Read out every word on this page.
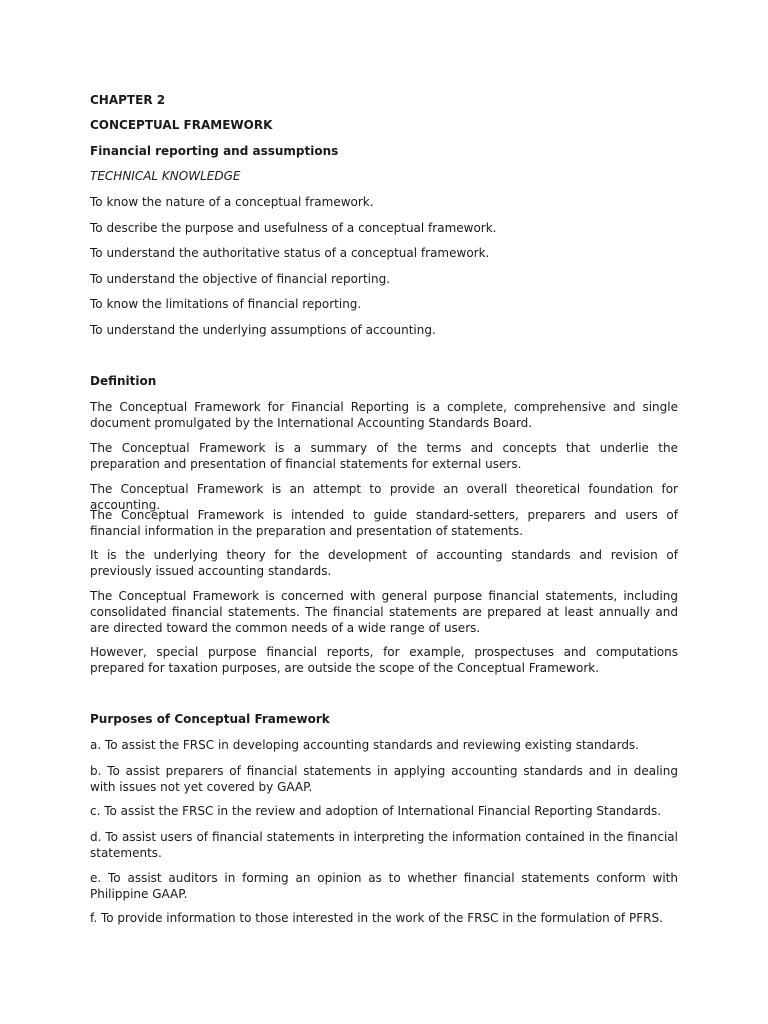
CHAPTER 2
CONCEPTUAL FRAMEWORK
Financial reporting and assumptions
TECHNICAL KNOWLEDGE
To know the nature of a conceptual framework.
To describe the purpose and usefulness of a conceptual framework.
To understand the authoritative status of a conceptual framework.
To understand the objective of financial reporting.
To know the limitations of financial reporting.
To understand the underlying assumptions of accounting.
Definition
The Conceptual Framework for Financial Reporting is a complete, comprehensive and single document promulgated by the International Accounting Standards Board.
The Conceptual Framework is a summary of the terms and concepts that underlie the preparation and presentation of financial statements for external users.
The Conceptual Framework is an attempt to provide an overall theoretical foundation for accounting.
The Conceptual Framework is intended to guide standard-setters, preparers and users of financial information in the preparation and presentation of statements.
It is the underlying theory for the development of accounting standards and revision of previously issued accounting standards.
The Conceptual Framework is concerned with general purpose financial statements, including consolidated financial statements. The financial statements are prepared at least annually and are directed toward the common needs of a wide range of users.
However, special purpose financial reports, for example, prospectuses and computations prepared for taxation purposes, are outside the scope of the Conceptual Framework.
Purposes of Conceptual Framework
a. To assist the FRSC in developing accounting standards and reviewing existing standards.
b. To assist preparers of financial statements in applying accounting standards and in dealing with issues not yet covered by GAAP.
c. To assist the FRSC in the review and adoption of International Financial Reporting Standards.
d. To assist users of financial statements in interpreting the information contained in the financial statements.
e. To assist auditors in forming an opinion as to whether financial statements conform with Philippine GAAP.
f. To provide information to those interested in the work of the FRSC in the formulation of PFRS.
